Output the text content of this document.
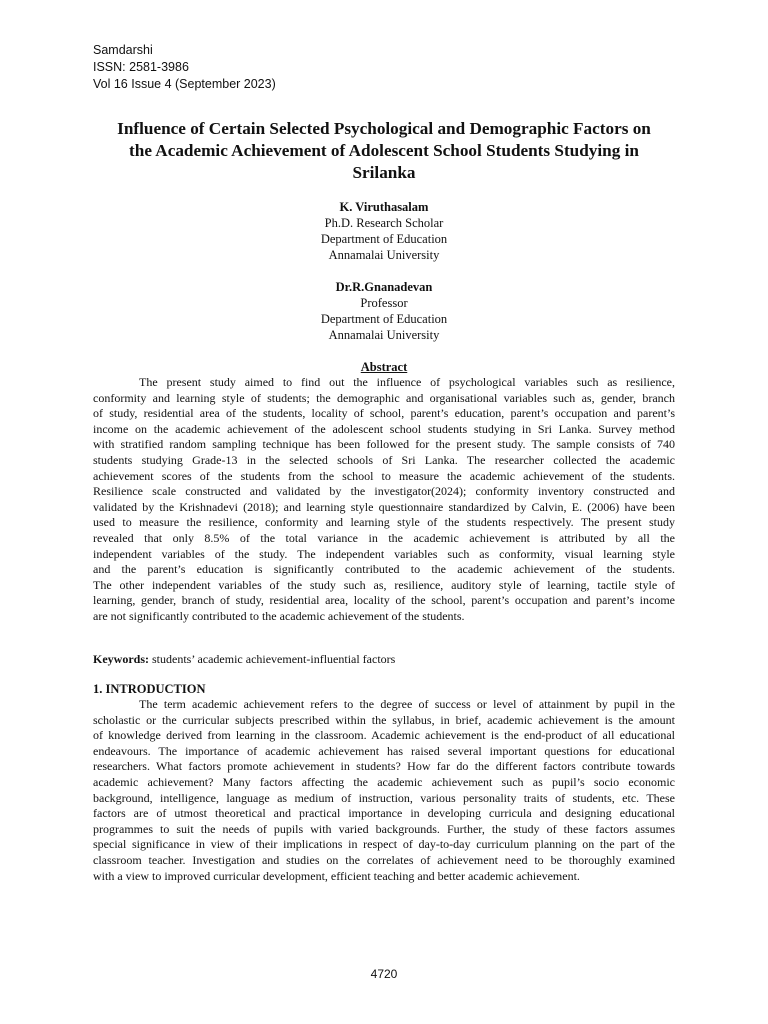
Samdarshi
ISSN: 2581-3986
Vol 16 Issue 4 (September 2023)
Influence of Certain Selected Psychological and Demographic Factors on
the Academic Achievement of Adolescent School Students Studying in
Srilanka
K. Viruthasalam
Ph.D. Research Scholar
Department of Education
Annamalai University
Dr.R.Gnanadevan
Professor
Department of Education
Annamalai University
Abstract
The present study aimed to find out the influence of psychological variables such as resilience,
conformity and learning style of students; the demographic and organisational variables such as, gender, branch
of study, residential area of the students, locality of school, parent’s education, parent’s occupation and parent’s
income on the academic achievement of the adolescent school students studying in Sri Lanka. Survey method
with stratified random sampling technique has been followed for the present study. The sample consists of 740
students studying Grade-13 in the selected schools of Sri Lanka. The researcher collected the academic
achievement scores of the students from the school to measure the academic achievement of the students.
Resilience scale constructed and validated by the investigator(2024); conformity inventory constructed and
validated by the Krishnadevi (2018); and learning style questionnaire standardized by Calvin, E. (2006) have been
used to measure the resilience, conformity and learning style of the students respectively. The present study
revealed that only 8.5% of the total variance in the academic achievement is attributed by all the
independent variables of the study. The independent variables such as conformity, visual learning style
and the parent’s education is significantly contributed to the academic achievement of the students.
The other independent variables of the study such as, resilience, auditory style of learning, tactile style of
learning, gender, branch of study, residential area, locality of the school, parent’s occupation and parent’s income
are not significantly contributed to the academic achievement of the students.
Keywords: students’ academic achievement-influential factors
1. INTRODUCTION
The term academic achievement refers to the degree of success or level of attainment by pupil in the
scholastic or the curricular subjects prescribed within the syllabus, in brief, academic achievement is the amount
of knowledge derived from learning in the classroom. Academic achievement is the end-product of all educational
endeavours. The importance of academic achievement has raised several important questions for educational
researchers. What factors promote achievement in students? How far do the different factors contribute towards
academic achievement? Many factors affecting the academic achievement such as pupil’s socio economic
background, intelligence, language as medium of instruction, various personality traits of students, etc. These
factors are of utmost theoretical and practical importance in developing curricula and designing educational
programmes to suit the needs of pupils with varied backgrounds. Further, the study of these factors assumes
special significance in view of their implications in respect of day-to-day curriculum planning on the part of the
classroom teacher. Investigation and studies on the correlates of achievement need to be thoroughly examined
with a view to improved curricular development, efficient teaching and better academic achievement.
4720
